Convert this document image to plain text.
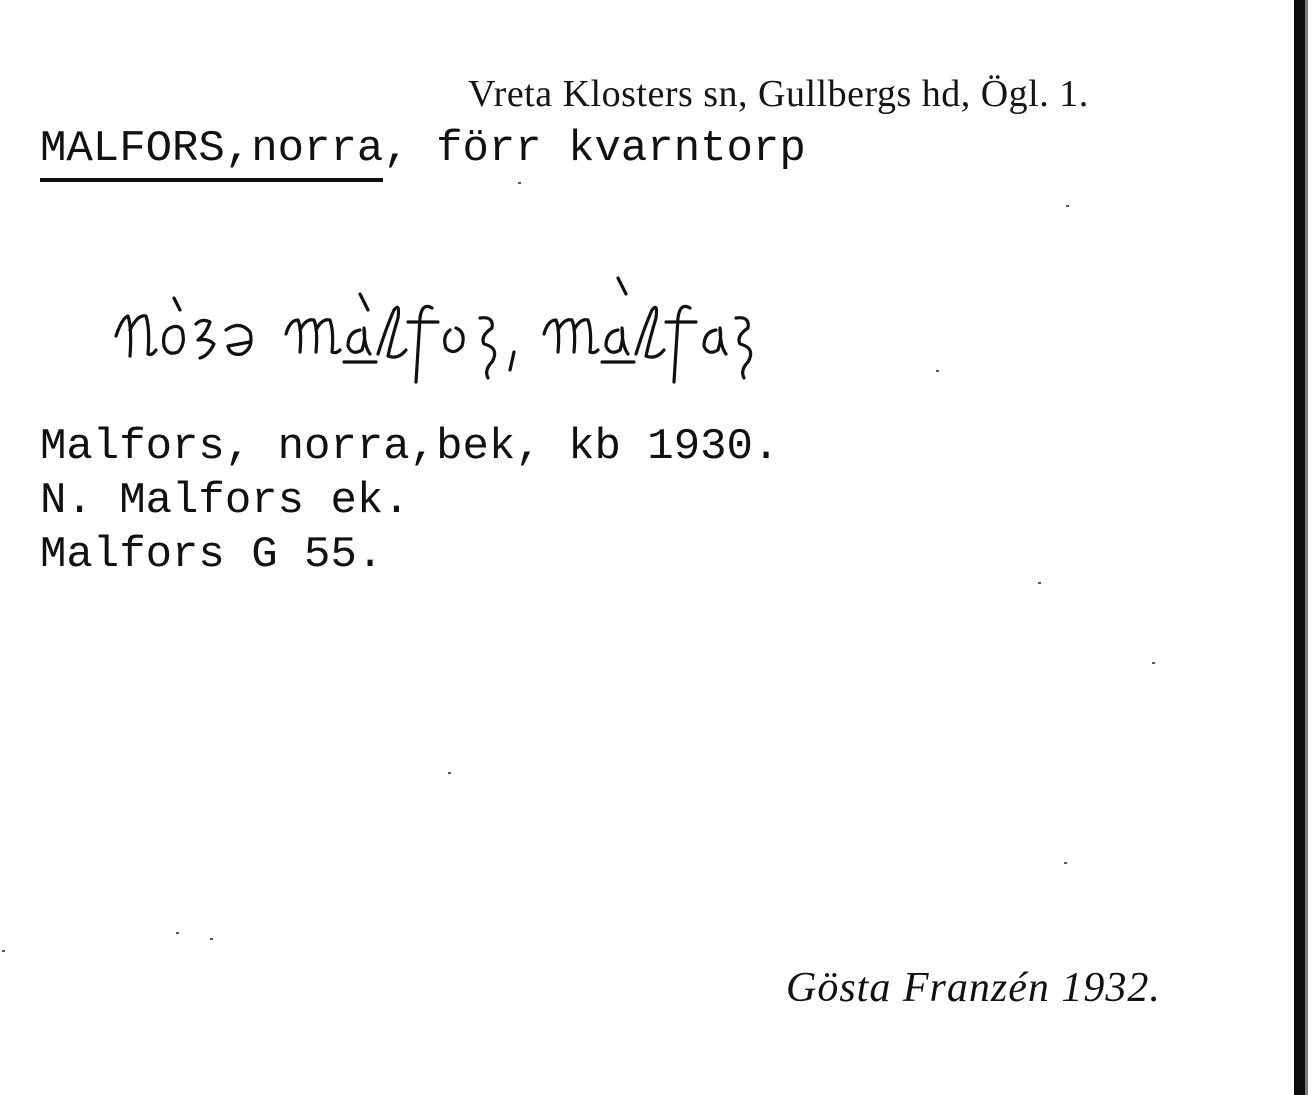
Vreta Klosters sn, Gullbergs hd, Ögl. 1.
MALFORS,norra, förr kvarntorp
nòrə màlfoʂ, màlfaʂ
Malfors, norra,bek, kb 1930.
N. Malfors ek.
Malfors G 55.
Gösta Franzén 1932.
